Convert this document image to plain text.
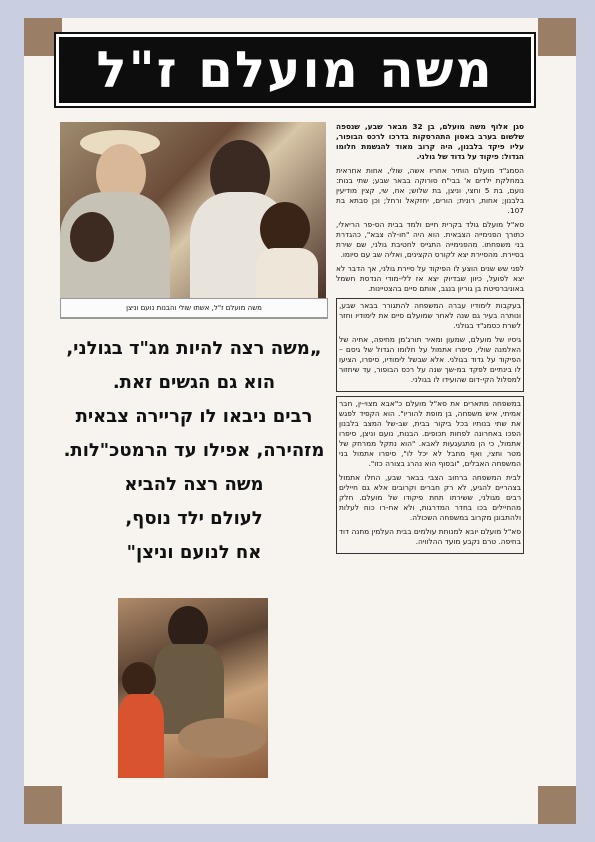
משה מועלם ז"ל
משה מועלם ז"ל, אשתו שולי והבנות נועם וניצן

סגן אלוף משה מועלם, בן 32 מבאר שבע, שנספה שלשום בערב באסון התהרסקות בדרכו לרכס הבופור, עליו פיקד בלבנון, היה קרוב מאוד להגשמת חלומו הגדול: פיקוד על גדוד של גולני.

הסמג"ד מועלם הותיר אחריו אשה, שולי, אחות אחראית במחלקת ילדים א' בבי"ח סורוקה בבאר שבע; שתי בנות: נועם, בת 5 וחצי, וניצן, בת שלוש; אח, שי, קצין מודיעין בלבנון; אחות, רונית; הורים, יחזקאל ורחל; וכן סבתא בת 107.

סא"ל מועלם גולד בקרית חיים ולמד בבית הס-פר הריאלי, כתורך הפנימייה הצבאית. הוא היה "חו-לה צבא", כהגדרת בני משפחתו. מהפנימייה התגייס לחטיבת גולני, שם שירת בסיירת. מהסיירת יצא לקורס הקצינים, ואליה שב עם סיומו.

לפני שש שנים הוצע לו הפיקוד על סיירת גולני, אך הדבר לא יצא לפועל, כיוון שבדיוק יצא אז ללי-מודי הנדסת חשמל באוניברסיטת בן גוריון בנגב, אותם סיים בהצטיינות.

בעקבות לימודיו עברה המשפחה להתגורר בבאר שבע, ונותרה בעיר גם שנה לאחר שמועלם סיים את לימודיו וחזר לשרת כסמג"ד בגולני.

גיסיו של מועלם, שמעון ומאיר תורג'מן מחיפה, אחיה של האלמנה שולי, סיפרו אתמול על חלומו הגדול של גיסם – הפיקוד על גדוד בגולני. אלא שבשל לימודיו, סיפרו, הציעו לו בינתיים לפקד במ-שך שנה על רכס הבופור, עד שיחזור למסלול הקי-דום שהועידו לו בגולני.

במשפחה מתארים את סא"ל מועלם כ"אבא מצוי-ין, חבר אמיתי, איש משפחה, בן מופת להוריו". הוא הקפיד לפגש את שתי בנותיו בכל ביקור בבית, שב-של המצב בלבנון הפכו באחרונה לפחות תכופים. הבנות, נועם וניצן, סיפרו אתמול, כי הן מתגעגעות לאבא. "הוא נתקל ממרחק של מטר וחצי, ואף מחבל לא יכל לו", סיפרו אתמול בני המשפחה האבלים, "ובסוף הוא נהרג בצורה כזו".

לבית המשפחה ברחוב הצבי בבאר שבע, החלו אתמול בצהריים להגיע, לא רק חברים וקרובים אלא גם חיילים רבים מגולני, ששירתו תחת פיקודו של מועלם. חלק מהחיילים בכו בחדר המדרגות, ולא אח-רו כוח לעלות ולהתבונן מקרוב במשפחה השכולה.

סא"ל מועלם יובא למנוחת עולמים בבית העלמין מחנה דוד בחיפה. טרם נקבע מועד ההלוויה.

„משה רצה להיות מג"ד בגולני,
הוא גם הגשים זאת.
רבים ניבאו לו קריירה צבאית
מזהירה, אפילו עד הרמטכ"לות.
משה רצה להביא
לעולם ילד נוסף,
אח לנועם וניצן"
